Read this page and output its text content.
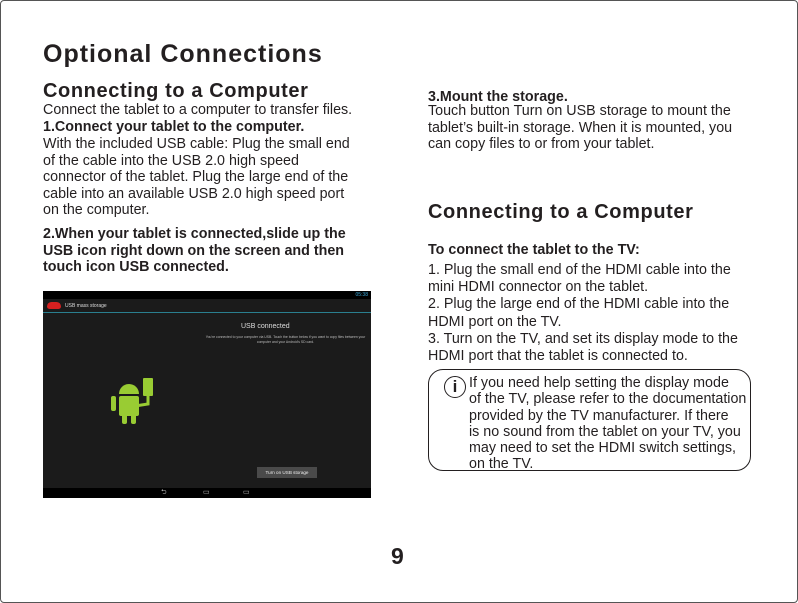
Optional Connections
Connecting to a Computer
Connect the tablet to a computer to transfer files.
1.Connect your tablet to the computer.
With the included USB cable: Plug the small end
of the cable into the USB 2.0 high speed
connector of the tablet. Plug the large end of the
cable into an available USB 2.0 high speed port
on the computer.
2.When your tablet is connected,slide up the
USB icon right down on the screen and then
touch icon USB connected.
05:38
USB mass storage
USB connected
You're connected to your computer via USB. Touch the button below if you want to copy files between your computer and your Android's SD card.
Turn on USB storage
⮌	▭	▭
3.Mount the storage.
Touch button Turn on USB storage to mount the
tablet’s built-in storage. When it is mounted, you
can copy files to or from your tablet.
Connecting to a Computer
To connect the tablet to the TV:
1. Plug the small end of the HDMI cable into the
mini HDMI connector on the tablet.
2. Plug the large end of the HDMI cable into the
HDMI port on the TV.
3. Turn on the TV, and set its display mode to the
HDMI port that the tablet is connected to.
i If you need help setting the display mode
of the TV, please refer to the documentation
provided by the TV manufacturer. If there
is no sound from the tablet on your TV, you
may need to set the HDMI switch settings,
on the TV.
9
